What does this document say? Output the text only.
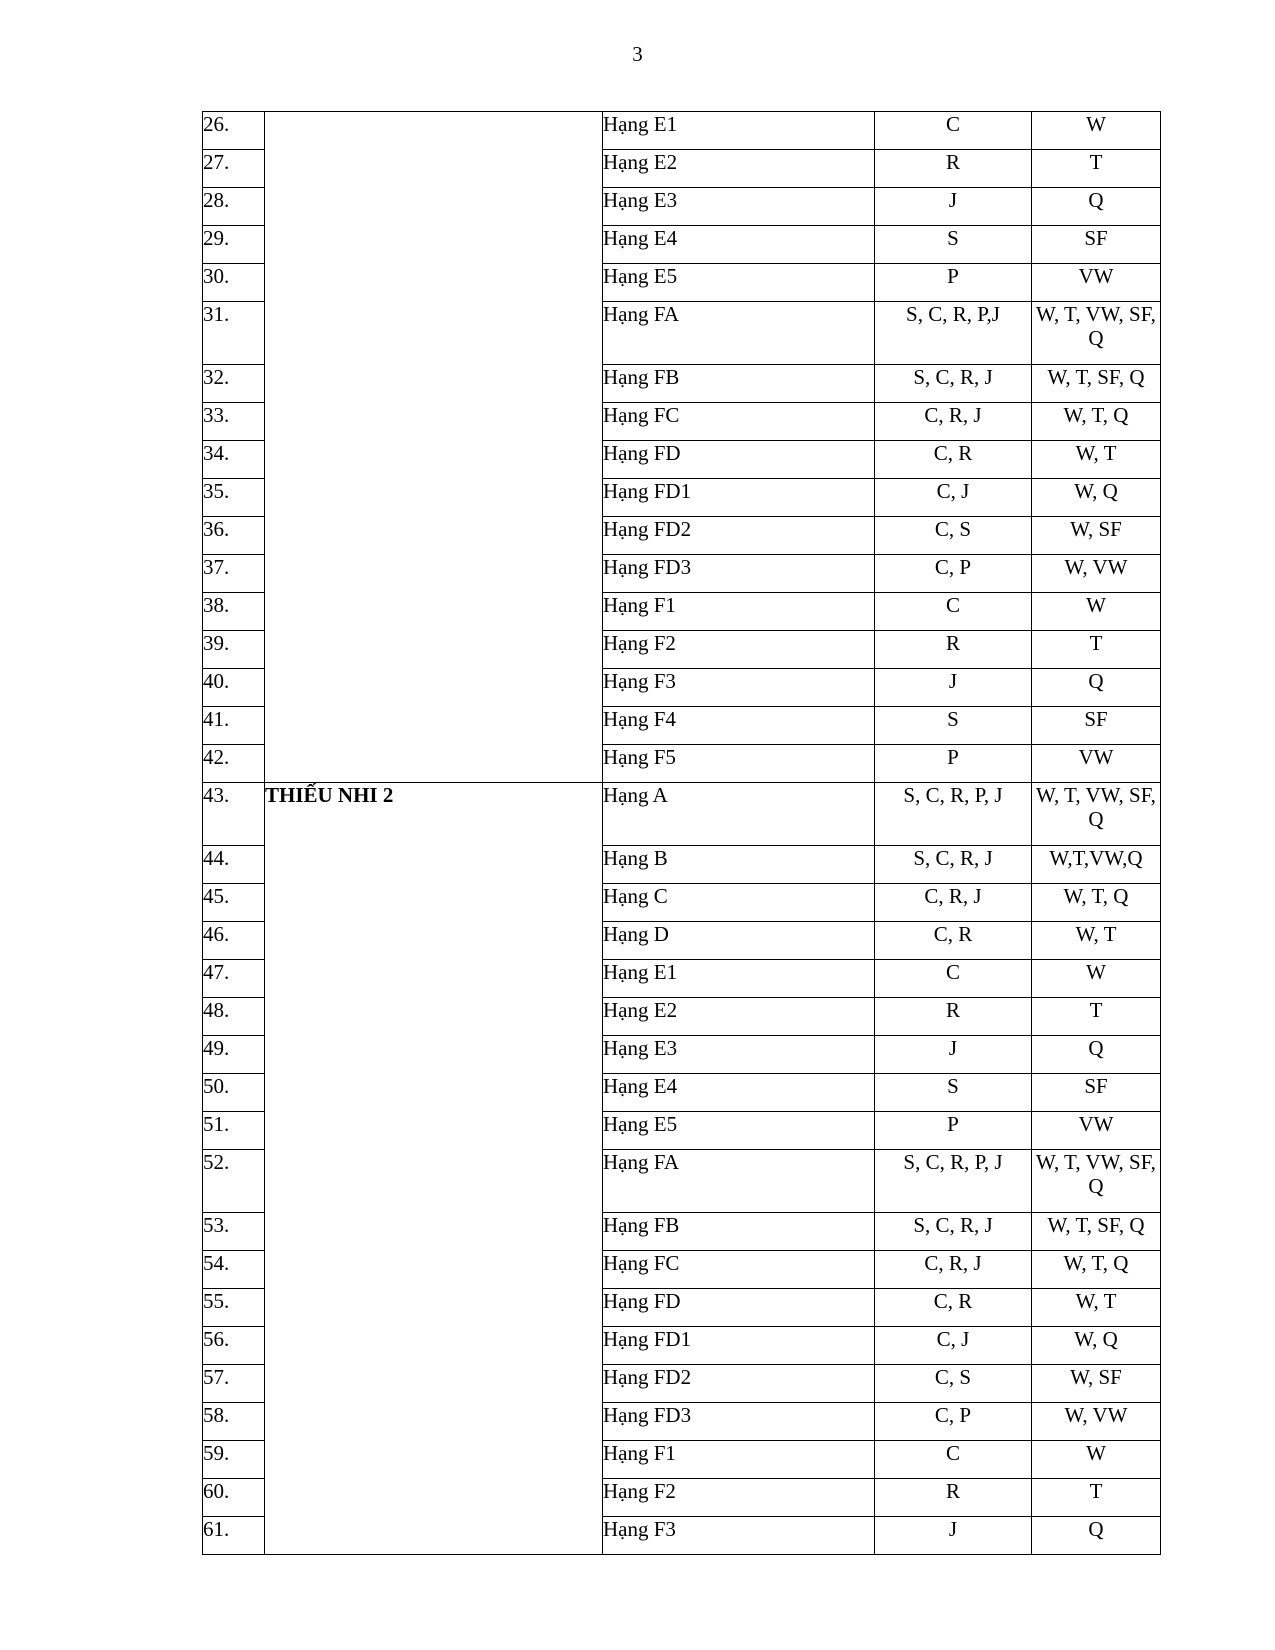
3
26.		Hạng E1	C	W
27.		Hạng E2	R	T
28.		Hạng E3	J	Q
29.		Hạng E4	S	SF
30.		Hạng E5	P	VW
31.		Hạng FA	S, C, R, P,J	W, T, VW, SF, Q
32.		Hạng FB	S, C, R, J	W, T, SF, Q
33.		Hạng FC	C, R, J	W, T, Q
34.		Hạng FD	C, R	W, T
35.		Hạng FD1	C, J	W, Q
36.		Hạng FD2	C, S	W, SF
37.		Hạng FD3	C, P	W, VW
38.		Hạng F1	C	W
39.		Hạng F2	R	T
40.		Hạng F3	J	Q
41.		Hạng F4	S	SF
42.		Hạng F5	P	VW
43.	THIẾU NHI 2	Hạng A	S, C, R, P, J	W, T, VW, SF, Q
44.		Hạng B	S, C, R, J	W,T,VW,Q
45.		Hạng C	C, R, J	W, T, Q
46.		Hạng D	C, R	W, T
47.		Hạng E1	C	W
48.		Hạng E2	R	T
49.		Hạng E3	J	Q
50.		Hạng E4	S	SF
51.		Hạng E5	P	VW
52.		Hạng FA	S, C, R, P, J	W, T, VW, SF, Q
53.		Hạng FB	S, C, R, J	W, T, SF, Q
54.		Hạng FC	C, R, J	W, T, Q
55.		Hạng FD	C, R	W, T
56.		Hạng FD1	C, J	W, Q
57.		Hạng FD2	C, S	W, SF
58.		Hạng FD3	C, P	W, VW
59.		Hạng F1	C	W
60.		Hạng F2	R	T
61.		Hạng F3	J	Q
